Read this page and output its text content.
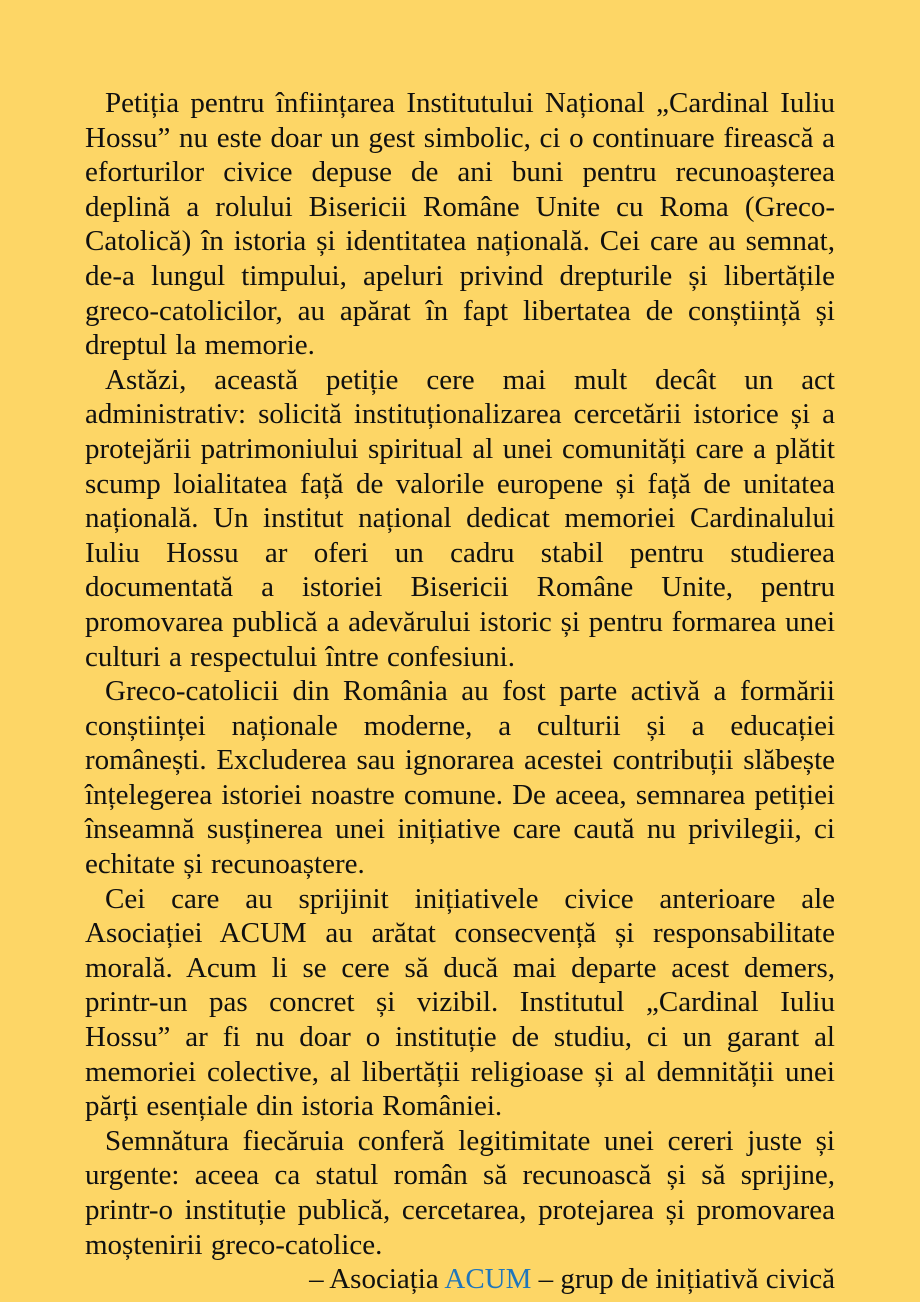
Petiția pentru înființarea Institutului Național „Cardinal Iuliu Hossu” nu este doar un gest simbolic, ci o continuare firească a eforturilor civice depuse de ani buni pentru recunoașterea deplină a rolului Bisericii Române Unite cu Roma (Greco-Catolică) în istoria și identitatea națională. Cei care au semnat, de-a lungul timpului, apeluri privind drepturile și libertățile greco-catolicilor, au apărat în fapt libertatea de conștiință și dreptul la memorie.

Astăzi, această petiție cere mai mult decât un act administrativ: solicită instituționalizarea cercetării istorice și a protejării patrimoniului spiritual al unei comunități care a plătit scump loialitatea față de valorile europene și față de unitatea națională. Un institut național dedicat memoriei Cardinalului Iuliu Hossu ar oferi un cadru stabil pentru studierea documentată a istoriei Bisericii Române Unite, pentru promovarea publică a adevărului istoric și pentru formarea unei culturi a respectului între confesiuni.

Greco-catolicii din România au fost parte activă a formării conștiinței naționale moderne, a culturii și a educației românești. Excluderea sau ignorarea acestei contribuții slăbește înțelegerea istoriei noastre comune. De aceea, semnarea petiției înseamnă susținerea unei inițiative care caută nu privilegii, ci echitate și recunoaștere.

Cei care au sprijinit inițiativele civice anterioare ale Asociației ACUM au arătat consecvență și responsabilitate morală. Acum li se cere să ducă mai departe acest demers, printr-un pas concret și vizibil. Institutul „Cardinal Iuliu Hossu” ar fi nu doar o instituție de studiu, ci un garant al memoriei colective, al libertății religioase și al demnității unei părți esențiale din istoria României.

Semnătura fiecăruia conferă legitimitate unei cereri juste și urgente: aceea ca statul român să recunoască și să sprijine, printr-o instituție publică, cercetarea, protejarea și promovarea moștenirii greco-catolice.

– Asociația ACUM – grup de inițiativă civică
